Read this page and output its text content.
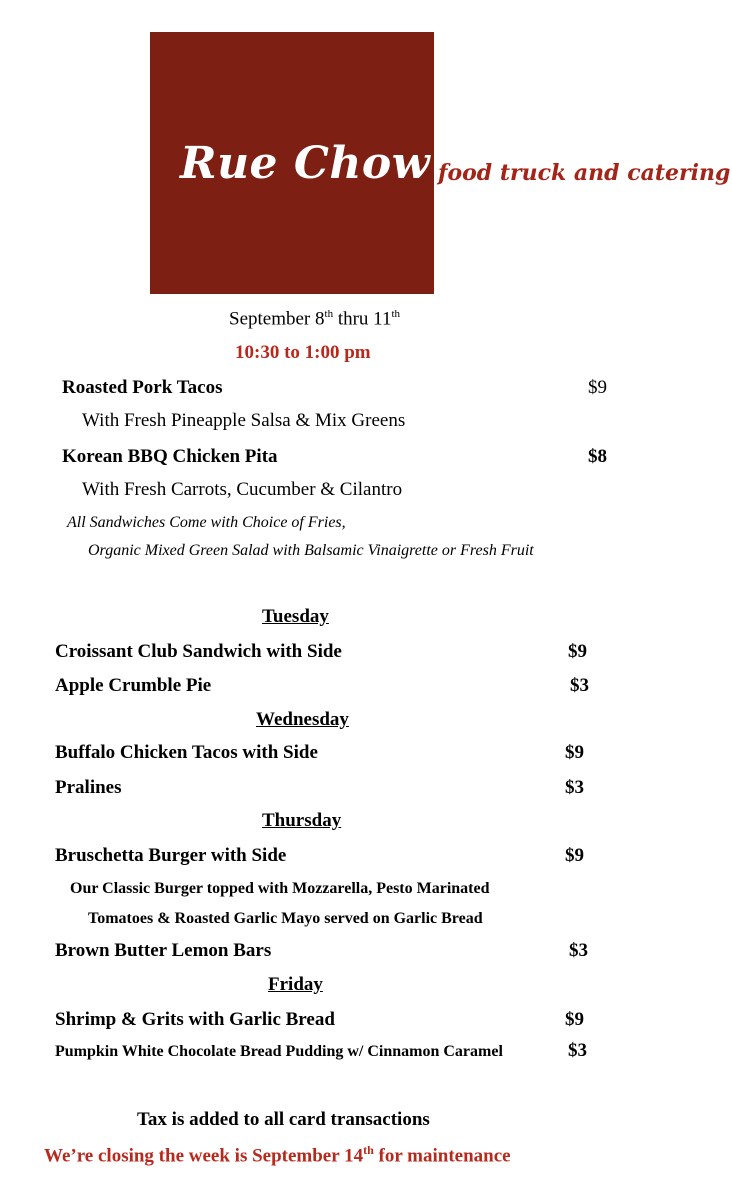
Rue Chow food truck and catering
September 8th thru 11th
10:30 to 1:00 pm
Roasted Pork Tacos	$9
With Fresh Pineapple Salsa & Mix Greens
Korean BBQ Chicken Pita	$8
With Fresh Carrots, Cucumber & Cilantro
All Sandwiches Come with Choice of Fries,
Organic Mixed Green Salad with Balsamic Vinaigrette or Fresh Fruit
Tuesday
Croissant Club Sandwich with Side	$9
Apple Crumble Pie	$3
Wednesday
Buffalo Chicken Tacos with Side	$9
Pralines	$3
Thursday
Bruschetta Burger with Side	$9
Our Classic Burger topped with Mozzarella, Pesto Marinated
Tomatoes & Roasted Garlic Mayo served on Garlic Bread
Brown Butter Lemon Bars	$3
Friday
Shrimp & Grits with Garlic Bread	$9
Pumpkin White Chocolate Bread Pudding w/ Cinnamon Caramel	$3
Tax is added to all card transactions
We’re closing the week is September 14th for maintenance
